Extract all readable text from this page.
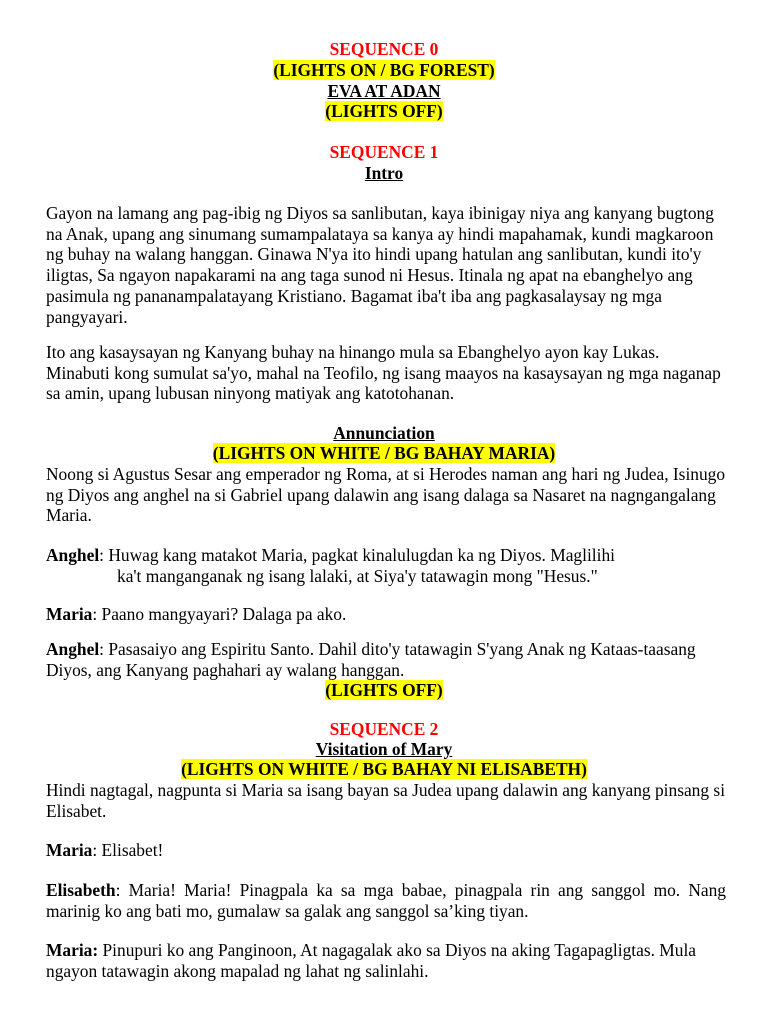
SEQUENCE 0
(LIGHTS ON / BG FOREST)
EVA AT ADAN
(LIGHTS OFF)
SEQUENCE 1
Intro

Gayon na lamang ang pag-ibig ng Diyos sa sanlibutan, kaya ibinigay niya ang kanyang bugtong na Anak, upang ang sinumang sumampalataya sa kanya ay hindi mapahamak, kundi magkaroon ng buhay na walang hanggan. Ginawa N'ya ito hindi upang hatulan ang sanlibutan, kundi ito'y iligtas, Sa ngayon napakarami na ang taga sunod ni Hesus. Itinala ng apat na ebanghelyo ang pasimula ng pananampalatayang Kristiano. Bagamat iba't iba ang pagkasalaysay ng mga pangyayari.

Ito ang kasaysayan ng Kanyang buhay na hinango mula sa Ebanghelyo ayon kay Lukas. Minabuti kong sumulat sa'yo, mahal na Teofilo, ng isang maayos na kasaysayan ng mga naganap sa amin, upang lubusan ninyong matiyak ang katotohanan.

Annunciation
(LIGHTS ON WHITE / BG BAHAY MARIA)

Noong si Agustus Sesar ang emperador ng Roma, at si Herodes naman ang hari ng Judea, Isinugo ng Diyos ang anghel na si Gabriel upang dalawin ang isang dalaga sa Nasaret na nagngangalang Maria.

Anghel: Huwag kang matakot Maria, pagkat kinalulugdan ka ng Diyos. Maglilihi
ka't manganganak ng isang lalaki, at Siya'y tatawagin mong "Hesus."
Maria: Paano mangyayari? Dalaga pa ako.
Anghel: Pasasaiyo ang Espiritu Santo. Dahil dito'y tatawagin S'yang Anak ng Kataas-taasang Diyos, ang Kanyang paghahari ay walang hanggan.
(LIGHTS OFF)
SEQUENCE 2
Visitation of Mary
(LIGHTS ON WHITE / BG BAHAY NI ELISABETH)

Hindi nagtagal, nagpunta si Maria sa isang bayan sa Judea upang dalawin ang kanyang pinsang si Elisabet.

Maria: Elisabet!
Elisabeth: Maria! Maria! Pinagpala ka sa mga babae, pinagpala rin ang sanggol mo. Nang marinig ko ang bati mo, gumalaw sa galak ang sanggol sa’king tiyan.
Maria: Pinupuri ko ang Panginoon, At nagagalak ako sa Diyos na aking Tagapagligtas. Mula ngayon tatawagin akong mapalad ng lahat ng salinlahi.
